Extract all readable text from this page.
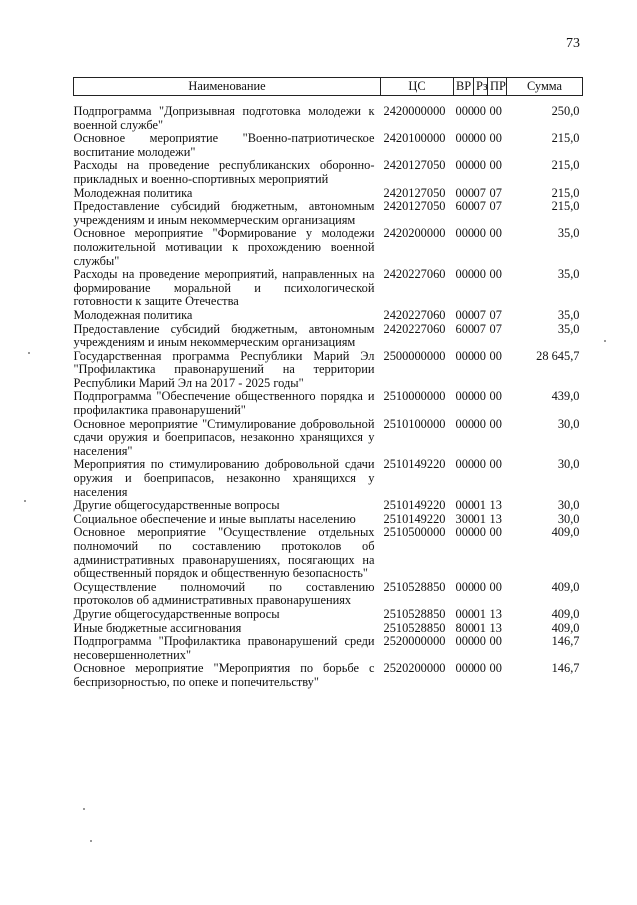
73
Наименование	ЦС	ВР	Рз	ПР	Сумма

Подпрограмма "Допризывная подготовка молодежи к военной службе"	2420000000	000	00	00	250,0
Основное мероприятие "Военно-патриотическое воспитание молодежи"	2420100000	000	00	00	215,0
Расходы на проведение республиканских оборонно-прикладных и военно-спортивных мероприятий	2420127050	000	00	00	215,0
Молодежная политика	2420127050	000	07	07	215,0
Предоставление субсидий бюджетным, автономным учреждениям и иным некоммерческим организациям	2420127050	600	07	07	215,0
Основное мероприятие "Формирование у молодежи положительной мотивации к прохождению военной службы"	2420200000	000	00	00	35,0
Расходы на проведение мероприятий, направленных на формирование моральной и психологической готовности к защите Отечества	2420227060	000	00	00	35,0
Молодежная политика	2420227060	000	07	07	35,0
Предоставление субсидий бюджетным, автономным учреждениям и иным некоммерческим организациям	2420227060	600	07	07	35,0
Государственная программа Республики Марий Эл "Профилактика правонарушений на территории Республики Марий Эл на 2017 - 2025 годы"	2500000000	000	00	00	28 645,7
Подпрограмма "Обеспечение общественного порядка и профилактика правонарушений"	2510000000	000	00	00	439,0
Основное мероприятие "Стимулирование добровольной сдачи оружия и боеприпасов, незаконно хранящихся у населения"	2510100000	000	00	00	30,0
Мероприятия по стимулированию добровольной сдачи оружия и боеприпасов, незаконно хранящихся у населения	2510149220	000	00	00	30,0
Другие общегосударственные вопросы	2510149220	000	01	13	30,0
Социальное обеспечение и иные выплаты населению	2510149220	300	01	13	30,0
Основное мероприятие "Осуществление отдельных полномочий по составлению протоколов об административных правонарушениях, посягающих на общественный порядок и общественную безопасность"	2510500000	000	00	00	409,0
Осуществление полномочий по составлению протоколов об административных правонарушениях	2510528850	000	00	00	409,0
Другие общегосударственные вопросы	2510528850	000	01	13	409,0
Иные бюджетные ассигнования	2510528850	800	01	13	409,0
Подпрограмма "Профилактика правонарушений среди несовершеннолетних"	2520000000	000	00	00	146,7
Основное мероприятие "Мероприятия по борьбе с беспризорностью, по опеке и попечительству"	2520200000	000	00	00	146,7
